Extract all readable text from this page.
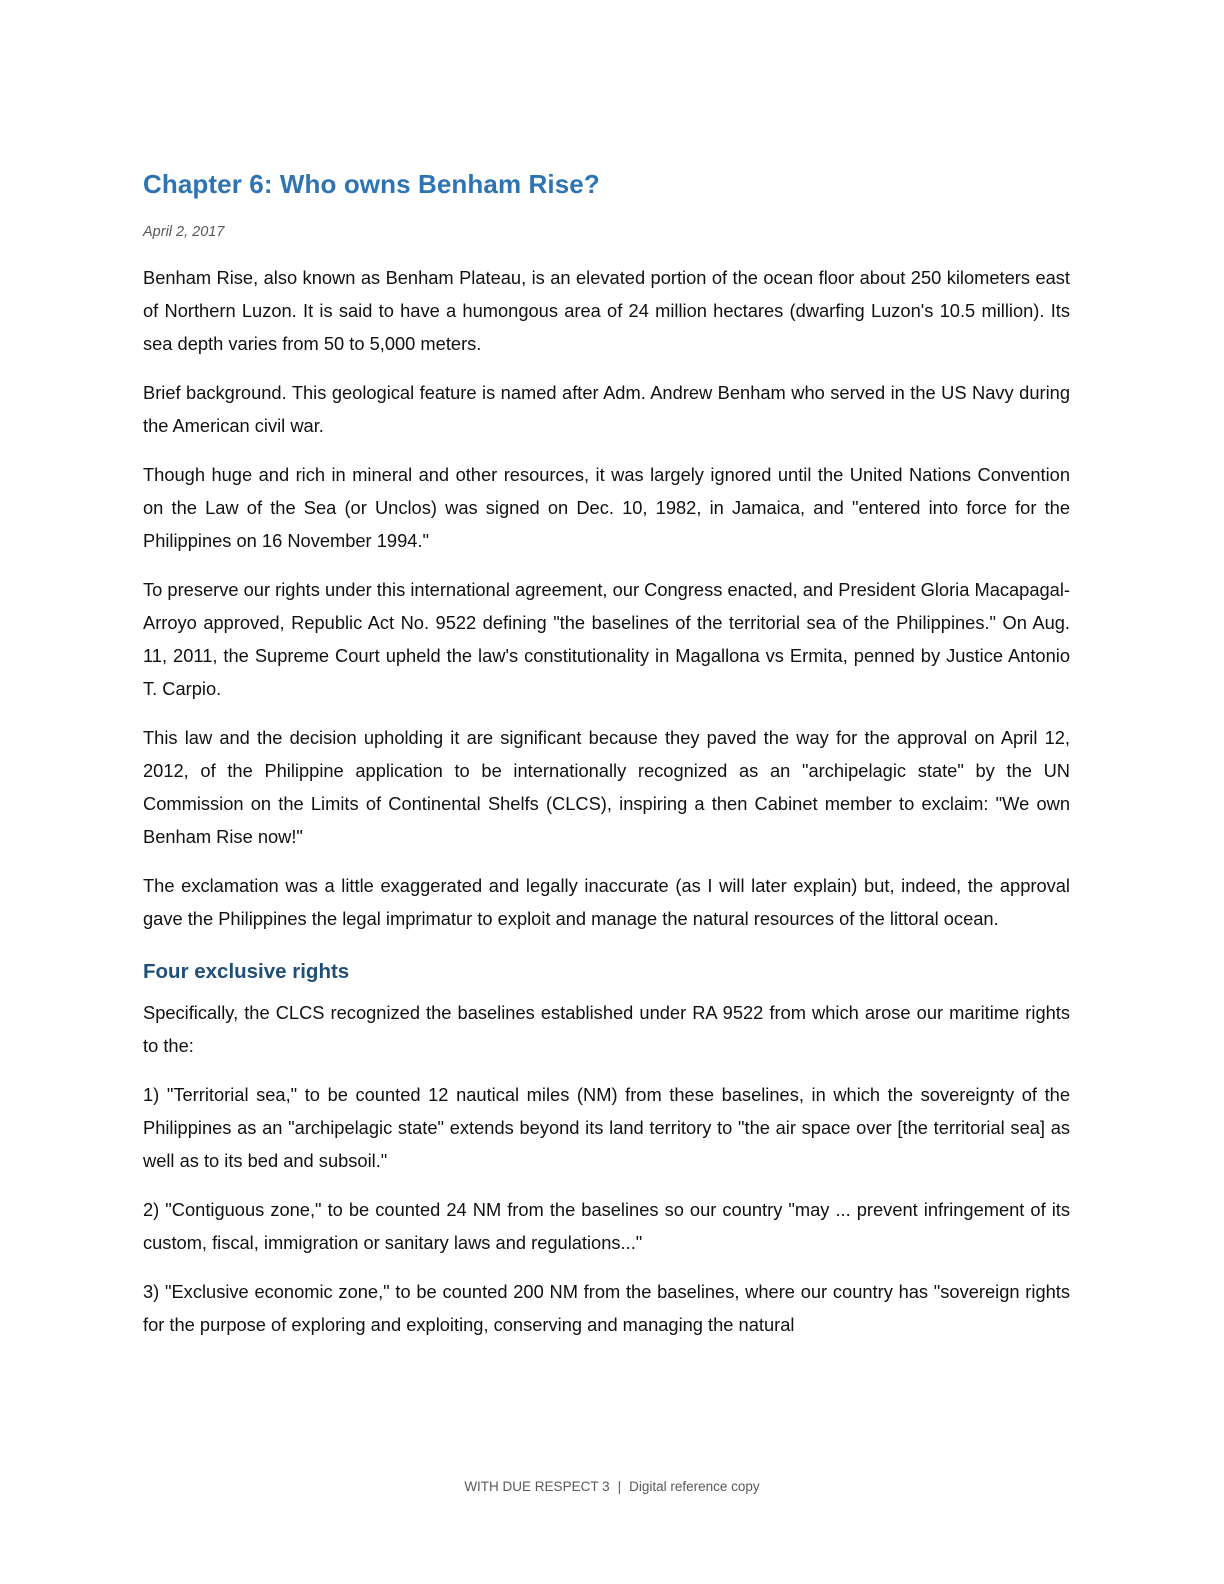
Chapter 6: Who owns Benham Rise?
April 2, 2017

Benham Rise, also known as Benham Plateau, is an elevated portion of the ocean floor about 250 kilometers east of Northern Luzon. It is said to have a humongous area of 24 million hectares (dwarfing Luzon's 10.5 million). Its sea depth varies from 50 to 5,000 meters.

Brief background. This geological feature is named after Adm. Andrew Benham who served in the US Navy during the American civil war.

Though huge and rich in mineral and other resources, it was largely ignored until the United Nations Convention on the Law of the Sea (or Unclos) was signed on Dec. 10, 1982, in Jamaica, and "entered into force for the Philippines on 16 November 1994."

To preserve our rights under this international agreement, our Congress enacted, and President Gloria Macapagal-Arroyo approved, Republic Act No. 9522 defining "the baselines of the territorial sea of the Philippines." On Aug. 11, 2011, the Supreme Court upheld the law's constitutionality in Magallona vs Ermita, penned by Justice Antonio T. Carpio.

This law and the decision upholding it are significant because they paved the way for the approval on April 12, 2012, of the Philippine application to be internationally recognized as an "archipelagic state" by the UN Commission on the Limits of Continental Shelfs (CLCS), inspiring a then Cabinet member to exclaim: "We own Benham Rise now!"

The exclamation was a little exaggerated and legally inaccurate (as I will later explain) but, indeed, the approval gave the Philippines the legal imprimatur to exploit and manage the natural resources of the littoral ocean.

Four exclusive rights

Specifically, the CLCS recognized the baselines established under RA 9522 from which arose our maritime rights to the:

1) "Territorial sea," to be counted 12 nautical miles (NM) from these baselines, in which the sovereignty of the Philippines as an "archipelagic state" extends beyond its land territory to "the air space over [the territorial sea] as well as to its bed and subsoil."

2) "Contiguous zone," to be counted 24 NM from the baselines so our country "may ... prevent infringement of its custom, fiscal, immigration or sanitary laws and regulations..."

3) "Exclusive economic zone," to be counted 200 NM from the baselines, where our country has "sovereign rights for the purpose of exploring and exploiting, conserving and managing the natural

WITH DUE RESPECT 3 | Digital reference copy
